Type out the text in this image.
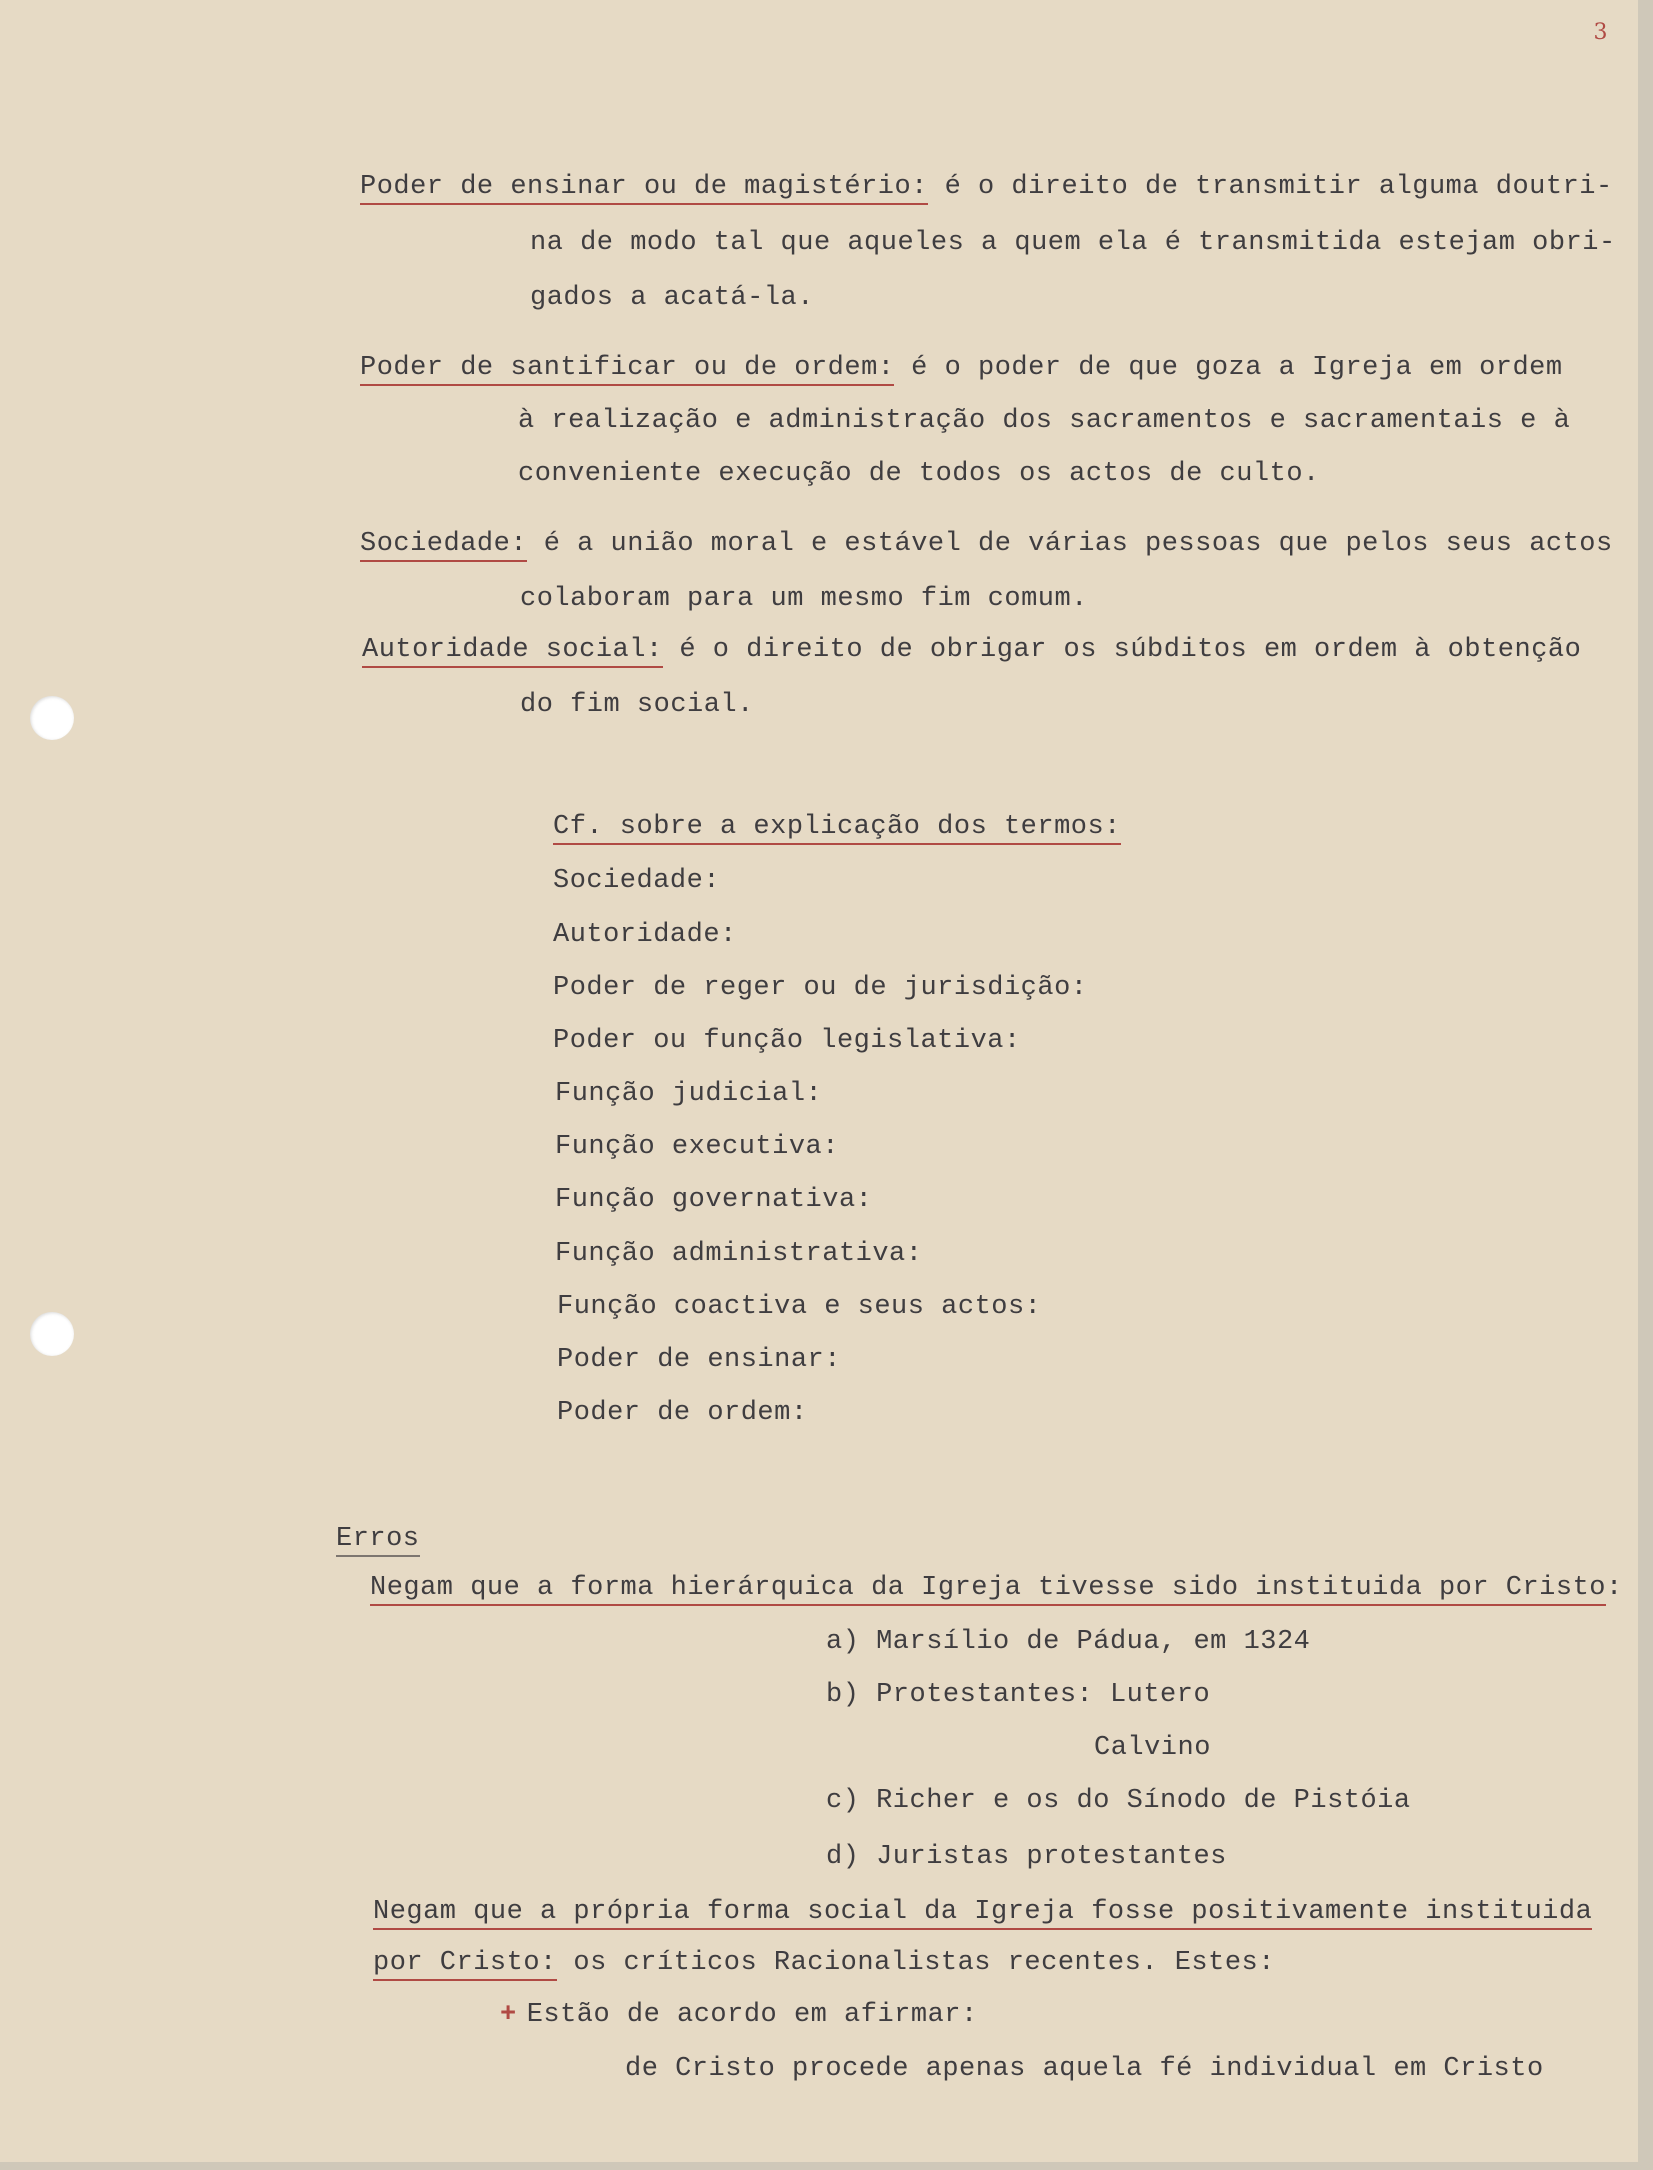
3
Poder de ensinar ou de magistério: é o direito de transmitir alguma doutri-
na de modo tal que aqueles a quem ela é transmitida estejam obri-
gados a acatá-la.
Poder de santificar ou de ordem: é o poder de que goza a Igreja em ordem
à realização e administração dos sacramentos e sacramentais e à
conveniente execução de todos os actos de culto.
Sociedade: é a união moral e estável de várias pessoas que pelos seus actos
colaboram para um mesmo fim comum.
Autoridade social: é o direito de obrigar os súbditos em ordem à obtenção
do fim social.
Cf. sobre a explicação dos termos:
Sociedade:
Autoridade:
Poder de reger ou de jurisdição:
Poder ou função legislativa:
Função judicial:
Função executiva:
Função governativa:
Função administrativa:
Função coactiva e seus actos:
Poder de ensinar:
Poder de ordem:
Erros
Negam que a forma hierárquica da Igreja tivesse sido instituida por Cristo:
a) Marsílio de Pádua, em 1324
b) Protestantes: Lutero
Calvino
c) Richer e os do Sínodo de Pistóia
d) Juristas protestantes
Negam que a própria forma social da Igreja fosse positivamente instituida
por Cristo: os críticos Racionalistas recentes. Estes:
+ Estão de acordo em afirmar:
de Cristo procede apenas aquela fé individual em Cristo
